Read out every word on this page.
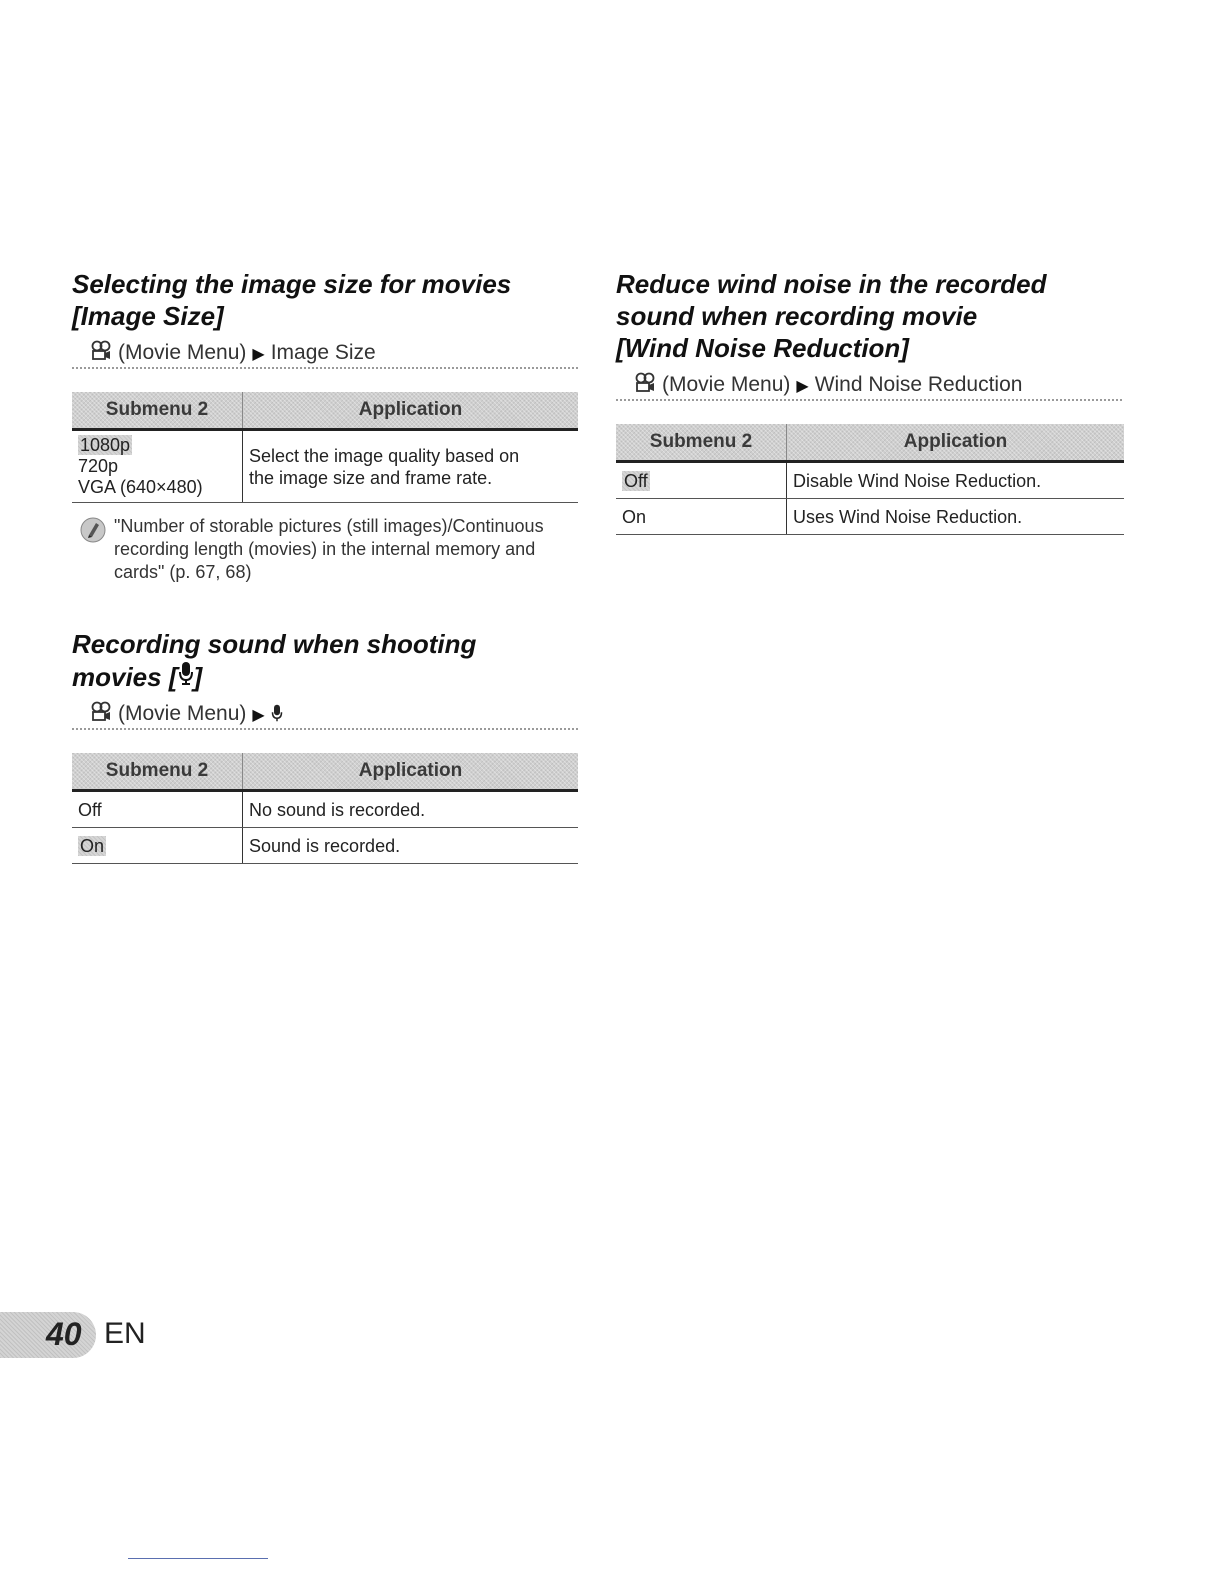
Selecting the image size for movies
[Image Size]
(Movie Menu) ▶ Image Size
Submenu 2	Application
1080p
720p
VGA (640×480)	Select the image quality based on the image size and frame rate.
"Number of storable pictures (still images)/Continuous recording length (movies) in the internal memory and cards" (p. 67, 68)
Recording sound when shooting
movies [ ]
(Movie Menu) ▶
Submenu 2	Application
Off	No sound is recorded.
On	Sound is recorded.
Reduce wind noise in the recorded
sound when recording movie
[Wind Noise Reduction]
(Movie Menu) ▶ Wind Noise Reduction
Submenu 2	Application
Off	Disable Wind Noise Reduction.
On	Uses Wind Noise Reduction.
40 EN
